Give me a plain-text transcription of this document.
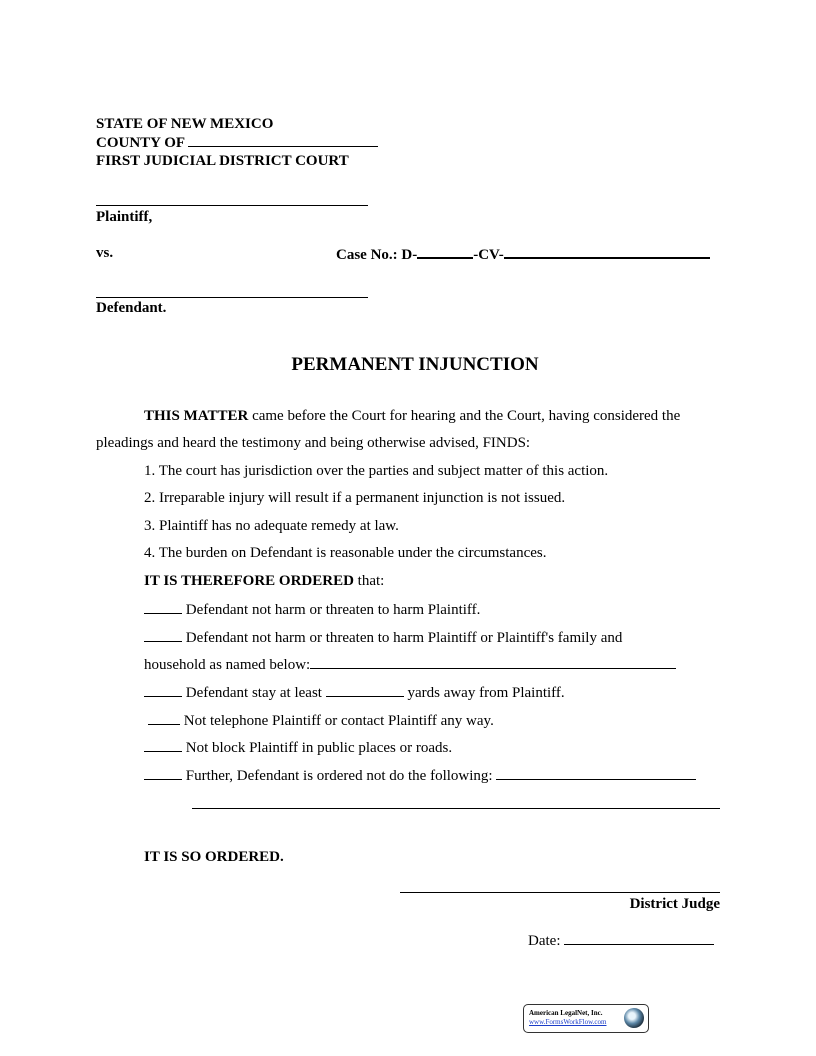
STATE OF NEW MEXICO
COUNTY OF
FIRST JUDICIAL DISTRICT COURT
Plaintiff,
vs.	Case No.: D-	-CV-
Defendant.
PERMANENT INJUNCTION
THIS MATTER came before the Court for hearing and the Court, having considered the
pleadings and heard the testimony and being otherwise advised, FINDS:
1. The court has jurisdiction over the parties and subject matter of this action.
2. Irreparable injury will result if a permanent injunction is not issued.
3. Plaintiff has no adequate remedy at law.
4. The burden on Defendant is reasonable under the circumstances.
IT IS THEREFORE ORDERED that:
Defendant not harm or threaten to harm Plaintiff.
Defendant not harm or threaten to harm Plaintiff or Plaintiff's family and
household as named below:
Defendant stay at least	yards away from Plaintiff.
Not telephone Plaintiff or contact Plaintiff any way.
Not block Plaintiff in public places or roads.
Further, Defendant is ordered not do the following:
IT IS SO ORDERED.
District Judge
Date:
American LegalNet, Inc.
www.FormsWorkFlow.com
